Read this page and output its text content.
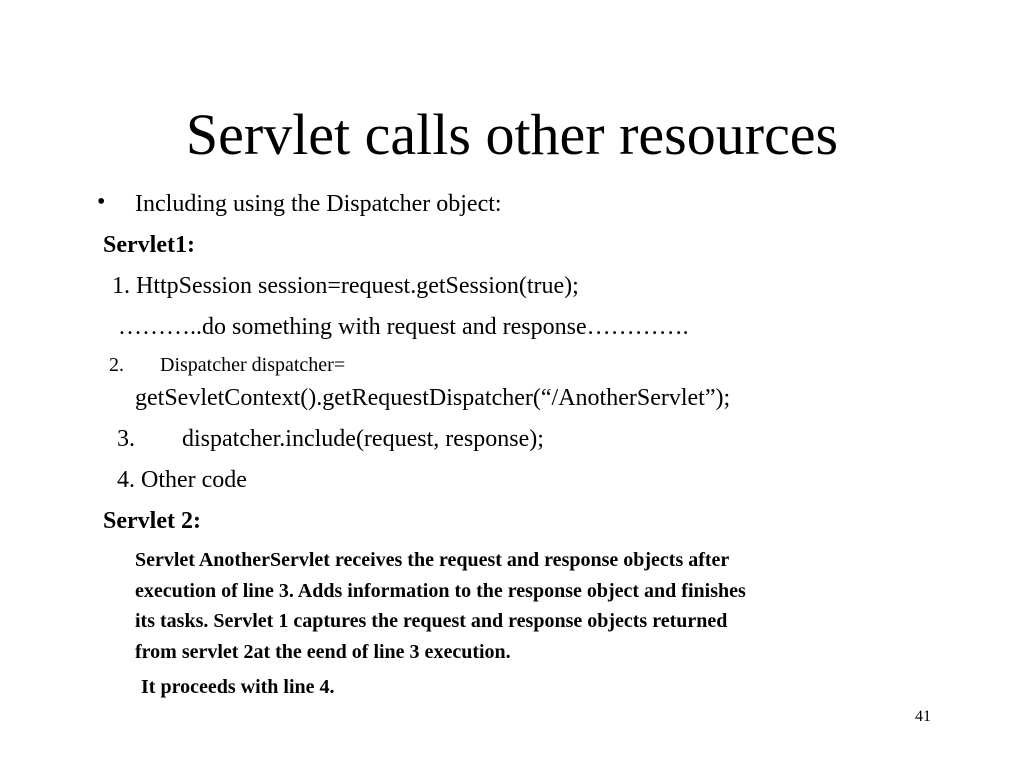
Servlet calls other resources
• Including using the Dispatcher object:
Servlet1:
1. HttpSession session=request.getSession(true);
………..do something with request and response………….
2. Dispatcher dispatcher=
getSevletContext().getRequestDispatcher(“/AnotherServlet”);
3. dispatcher.include(request, response);
4. Other code
Servlet 2:
Servlet AnotherServlet receives the request and response objects after
execution of line 3. Adds information to the response object and finishes
its tasks. Servlet 1 captures the request and response objects returned
from servlet 2at the eend of line 3 execution.
It proceeds with line 4.
41
